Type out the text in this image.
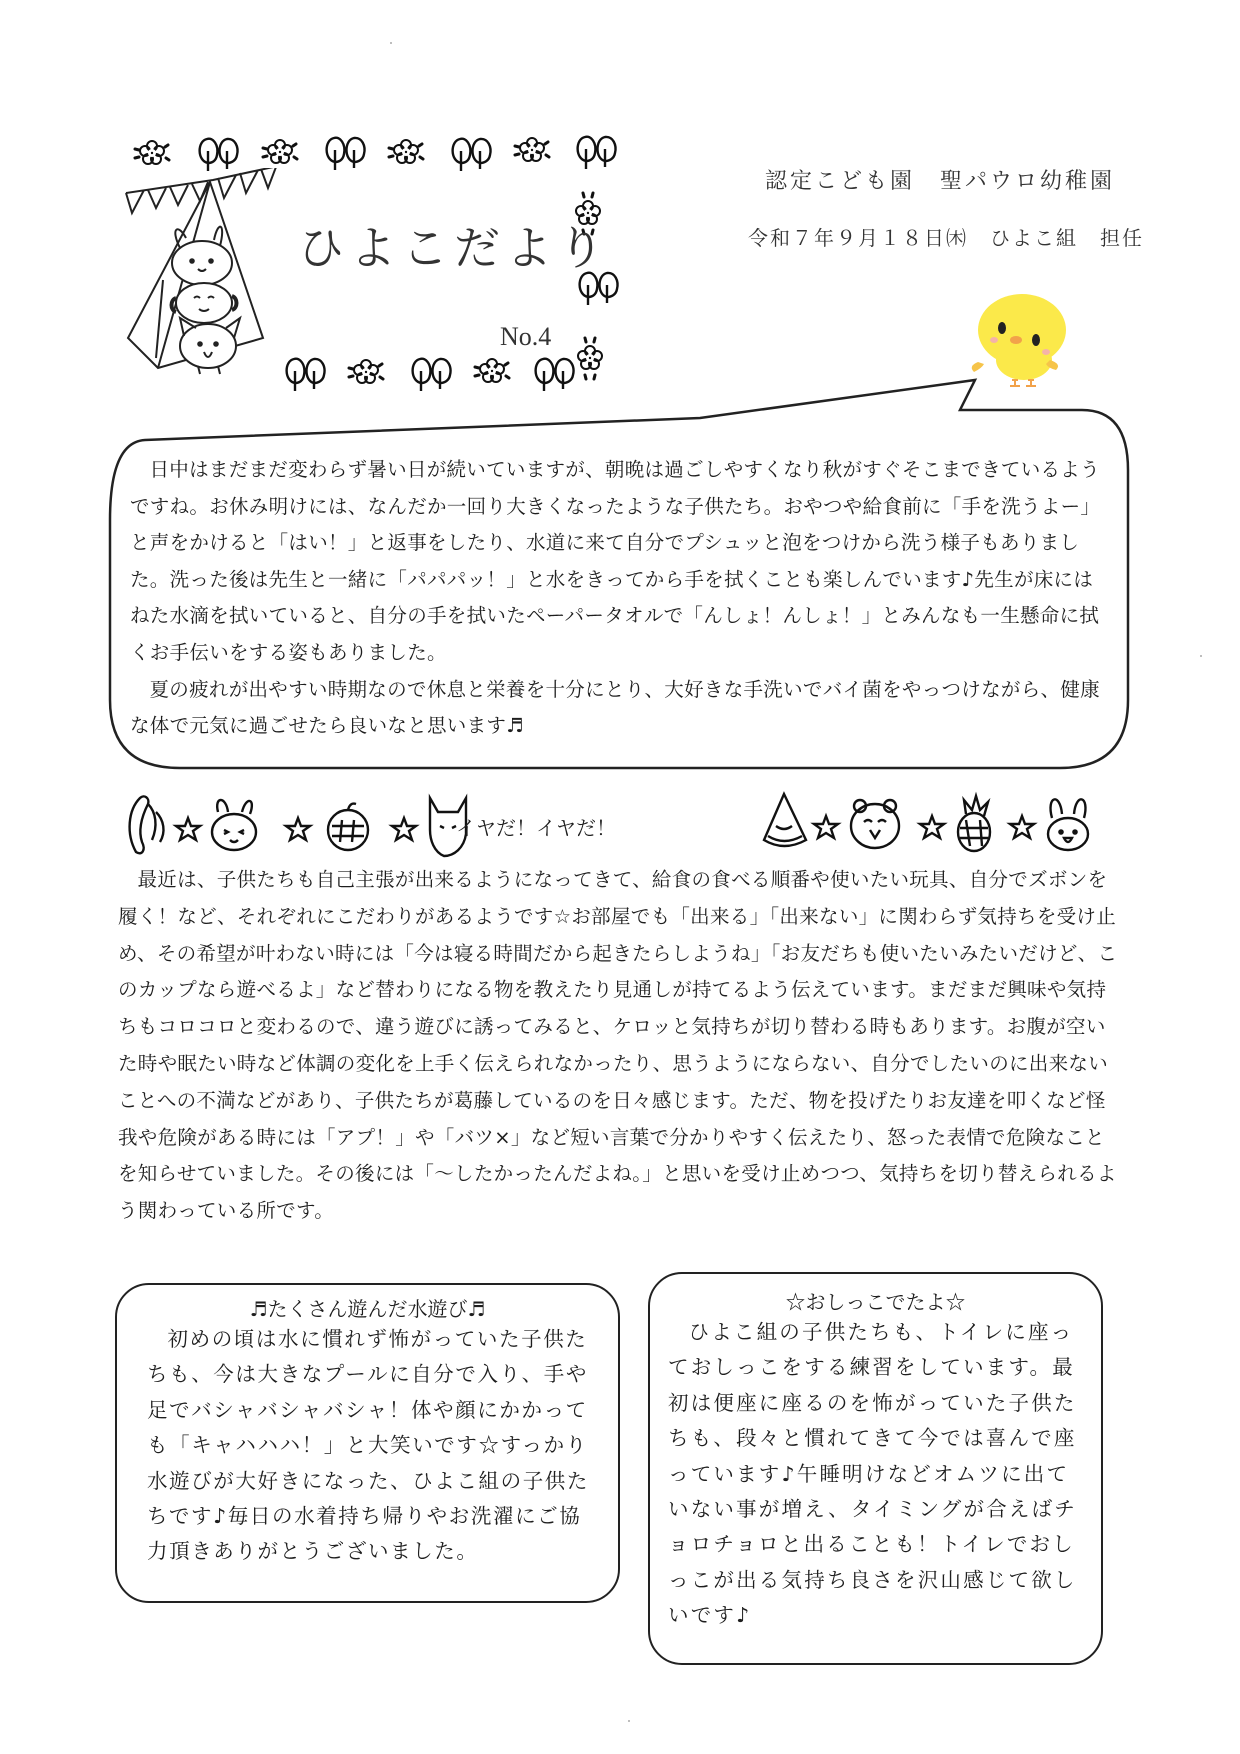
ひよこだより
No.4
認定こども園　聖パウロ幼稚園
令和７年９月１８日㈭　ひよこ組　担任

日中はまだまだ変わらず暑い日が続いていますが、朝晩は過ごしやすくなり秋がすぐそこまできているようですね。お休み明けには、なんだか一回り大きくなったような子供たち。おやつや給食前に「手を洗うよー」と声をかけると「はい！」と返事をしたり、水道に来て自分でプシュッと泡をつけから洗う様子もありました。洗った後は先生と一緒に「パパパッ！」と水をきってから手を拭くことも楽しんでいます♪先生が床にはねた水滴を拭いていると、自分の手を拭いたペーパータオルで「んしょ！んしょ！」とみんなも一生懸命に拭くお手伝いをする姿もありました。

夏の疲れが出やすい時期なので休息と栄養を十分にとり、大好きな手洗いでバイ菌をやっつけながら、健康な体で元気に過ごせたら良いなと思います♬

イヤだ！イヤだ！

最近は、子供たちも自己主張が出来るようになってきて、給食の食べる順番や使いたい玩具、自分でズボンを履く！など、それぞれにこだわりがあるようです☆お部屋でも「出来る」「出来ない」に関わらず気持ちを受け止め、その希望が叶わない時には「今は寝る時間だから起きたらしようね」「お友だちも使いたいみたいだけど、このカップなら遊べるよ」など替わりになる物を教えたり見通しが持てるよう伝えています。まだまだ興味や気持ちもコロコロと変わるので、違う遊びに誘ってみると、ケロッと気持ちが切り替わる時もあります。お腹が空いた時や眠たい時など体調の変化を上手く伝えられなかったり、思うようにならない、自分でしたいのに出来ないことへの不満などがあり、子供たちが葛藤しているのを日々感じます。ただ、物を投げたりお友達を叩くなど怪我や危険がある時には「アプ！」や「バツ×」など短い言葉で分かりやすく伝えたり、怒った表情で危険なことを知らせていました。その後には「～したかったんだよね。」と思いを受け止めつつ、気持ちを切り替えられるよう関わっている所です。

♬たくさん遊んだ水遊び♬
初めの頃は水に慣れず怖がっていた子供たちも、今は大きなプールに自分で入り、手や足でバシャバシャバシャ！体や顔にかかっても「キャハハハ！」と大笑いです☆すっかり水遊びが大好きになった、ひよこ組の子供たちです♪毎日の水着持ち帰りやお洗濯にご協力頂きありがとうございました。
☆おしっこでたよ☆
ひよこ組の子供たちも、トイレに座っておしっこをする練習をしています。最初は便座に座るのを怖がっていた子供たちも、段々と慣れてきて今では喜んで座っています♪午睡明けなどオムツに出ていない事が増え、タイミングが合えばチョロチョロと出ることも！トイレでおしっこが出る気持ち良さを沢山感じて欲しいです♪
